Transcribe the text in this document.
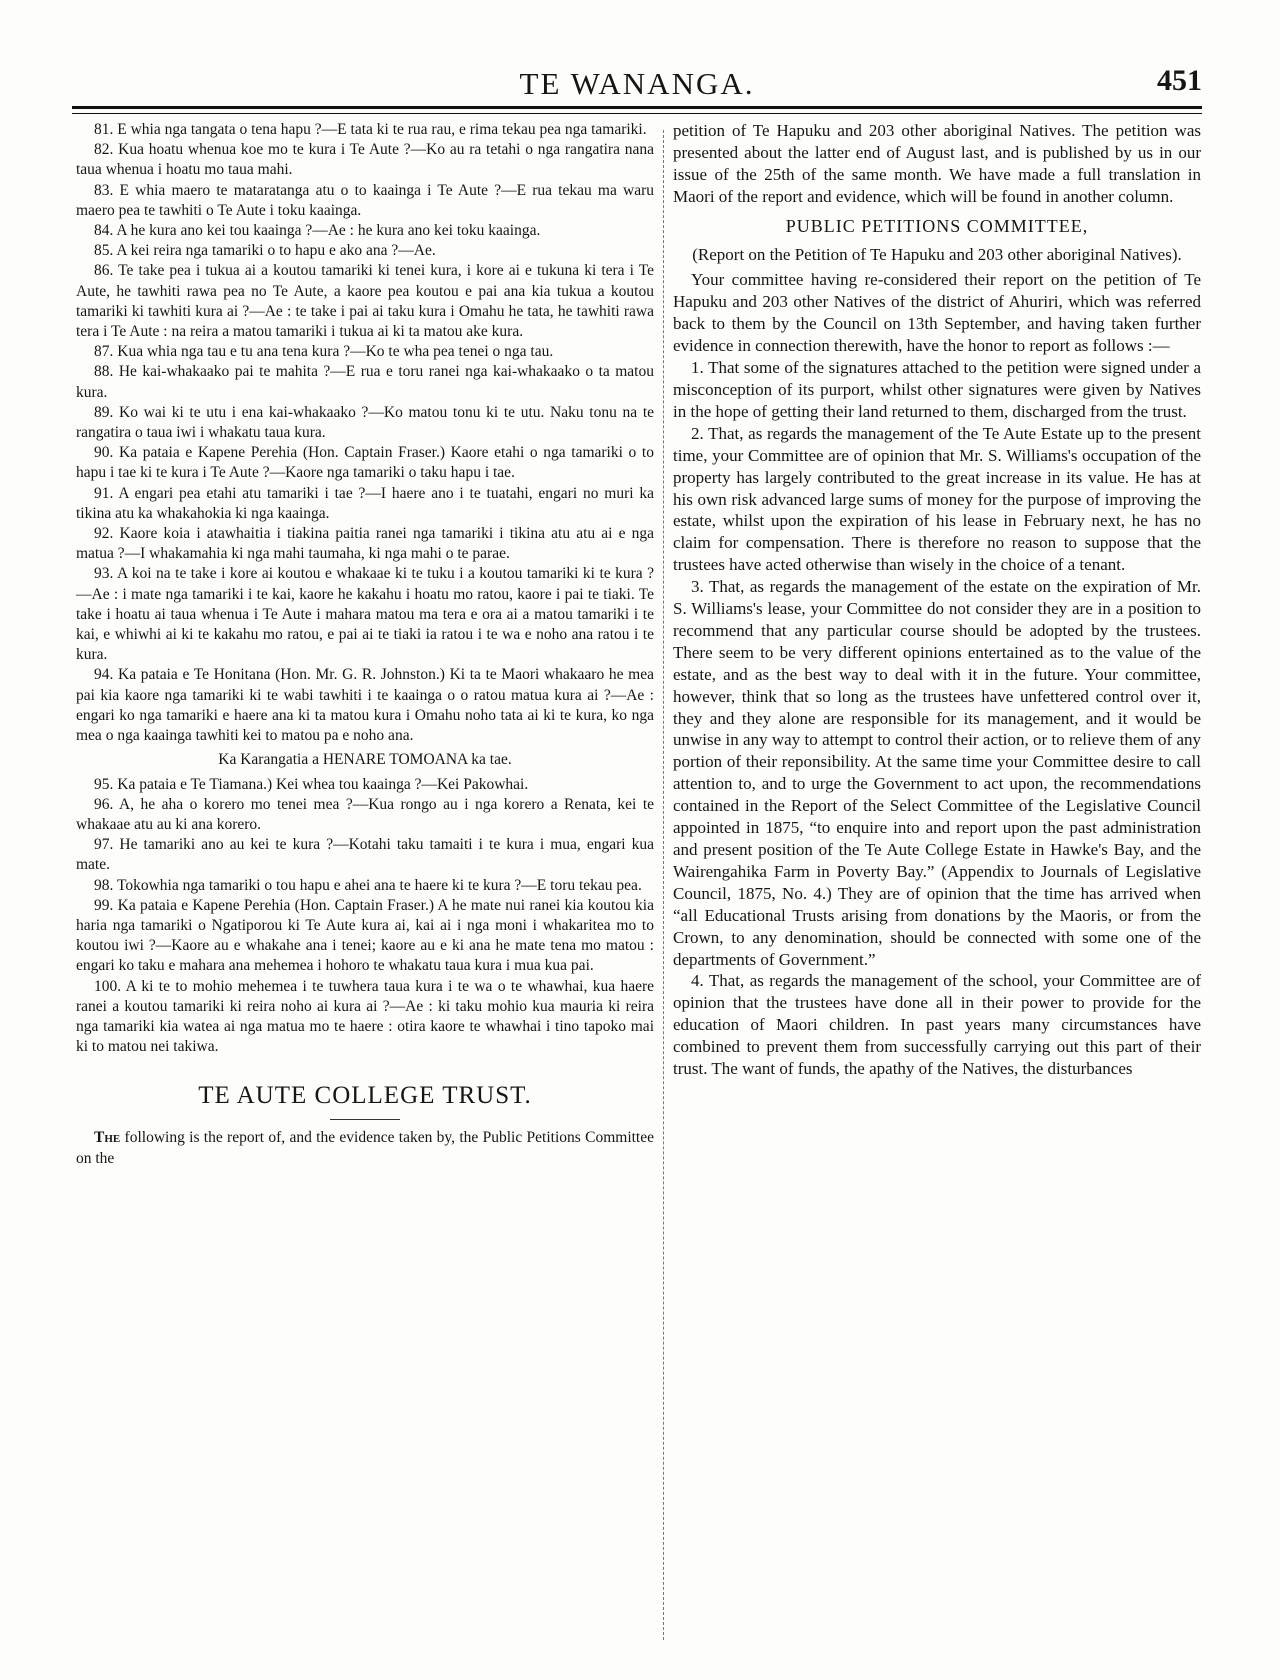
TE WANANGA.	451

81. E whia nga tangata o tena hapu ?—E tata ki te rua rau, e rima tekau pea nga tamariki.

82. Kua hoatu whenua koe mo te kura i Te Aute ?—Ko au ra tetahi o nga rangatira nana taua whenua i hoatu mo taua mahi.

83. E whia maero te mataratanga atu o to kaainga i Te Aute ?—E rua tekau ma waru maero pea te tawhiti o Te Aute i toku kaainga.

84. A he kura ano kei tou kaainga ?—Ae : he kura ano kei toku kaainga.

85. A kei reira nga tamariki o to hapu e ako ana ?—Ae.

86. Te take pea i tukua ai a koutou tamariki ki tenei kura, i kore ai e tukuna ki tera i Te Aute, he tawhiti rawa pea no Te Aute, a kaore pea koutou e pai ana kia tukua a koutou tamariki ki tawhiti kura ai ?—Ae : te take i pai ai taku kura i Omahu he tata, he tawhiti rawa tera i Te Aute : na reira a matou tamariki i tukua ai ki ta matou ake kura.

87. Kua whia nga tau e tu ana tena kura ?—Ko te wha pea tenei o nga tau.

88. He kai-whakaako pai te mahita ?—E rua e toru ranei nga kai-whakaako o ta matou kura.

89. Ko wai ki te utu i ena kai-whakaako ?—Ko matou tonu ki te utu. Naku tonu na te rangatira o taua iwi i whakatu taua kura.

90. Ka pataia e Kapene Perehia (Hon. Captain Fraser.) Kaore etahi o nga tamariki o to hapu i tae ki te kura i Te Aute ?—Kaore nga tamariki o taku hapu i tae.

91. A engari pea etahi atu tamariki i tae ?—I haere ano i te tuatahi, engari no muri ka tikina atu ka whakahokia ki nga kaainga.

92. Kaore koia i atawhaitia i tiakina paitia ranei nga tamariki i tikina atu atu ai e nga matua ?—I whakamahia ki nga mahi taumaha, ki nga mahi o te parae.

93. A koi na te take i kore ai koutou e whakaae ki te tuku i a koutou tamariki ki te kura ?—Ae : i mate nga tamariki i te kai, kaore he kakahu i hoatu mo ratou, kaore i pai te tiaki. Te take i hoatu ai taua whenua i Te Aute i mahara matou ma tera e ora ai a matou tamariki i te kai, e whiwhi ai ki te kakahu mo ratou, e pai ai te tiaki ia ratou i te wa e noho ana ratou i te kura.

94. Ka pataia e Te Honitana (Hon. Mr. G. R. Johnston.) Ki ta te Maori whakaaro he mea pai kia kaore nga tamariki ki te wabi tawhiti i te kaainga o o ratou matua kura ai ?—Ae : engari ko nga tamariki e haere ana ki ta matou kura i Omahu noho tata ai ki te kura, ko nga mea o nga kaainga tawhiti kei to matou pa e noho ana.

Ka Karangatia a HENARE TOMOANA ka tae.

95. Ka pataia e Te Tiamana.) Kei whea tou kaainga ?—Kei Pakowhai.

96. A, he aha o korero mo tenei mea ?—Kua rongo au i nga korero a Renata, kei te whakaae atu au ki ana korero.

97. He tamariki ano au kei te kura ?—Kotahi taku tamaiti i te kura i mua, engari kua mate.

98. Tokowhia nga tamariki o tou hapu e ahei ana te haere ki te kura ?—E toru tekau pea.

99. Ka pataia e Kapene Perehia (Hon. Captain Fraser.) A he mate nui ranei kia koutou kia haria nga tamariki o Ngatiporou ki Te Aute kura ai, kai ai i nga moni i whakaritea mo to koutou iwi ?—Kaore au e whakahe ana i tenei; kaore au e ki ana he mate tena mo matou : engari ko taku e mahara ana mehemea i hohoro te whakatu taua kura i mua kua pai.

100. A ki te to mohio mehemea i te tuwhera taua kura i te wa o te whawhai, kua haere ranei a koutou tamariki ki reira noho ai kura ai ?—Ae : ki taku mohio kua mauria ki reira nga tamariki kia watea ai nga matua mo te haere : otira kaore te whawhai i tino tapoko mai ki to matou nei takiwa.

TE AUTE COLLEGE TRUST.

The following is the report of, and the evidence taken by, the Public Petitions Committee on the

petition of Te Hapuku and 203 other aboriginal Natives. The petition was presented about the latter end of August last, and is published by us in our issue of the 25th of the same month. We have made a full translation in Maori of the report and evidence, which will be found in another column.

PUBLIC PETITIONS COMMITTEE,

(Report on the Petition of Te Hapuku and 203 other aboriginal Natives).

Your committee having re-considered their report on the petition of Te Hapuku and 203 other Natives of the district of Ahuriri, which was referred back to them by the Council on 13th September, and having taken further evidence in connection therewith, have the honor to report as follows :—

1. That some of the signatures attached to the petition were signed under a misconception of its purport, whilst other signatures were given by Natives in the hope of getting their land returned to them, discharged from the trust.

2. That, as regards the management of the Te Aute Estate up to the present time, your Committee are of opinion that Mr. S. Williams's occupation of the property has largely contributed to the great increase in its value. He has at his own risk advanced large sums of money for the purpose of improving the estate, whilst upon the expiration of his lease in February next, he has no claim for compensation. There is therefore no reason to suppose that the trustees have acted otherwise than wisely in the choice of a tenant.

3. That, as regards the management of the estate on the expiration of Mr. S. Williams's lease, your Committee do not consider they are in a position to recommend that any particular course should be adopted by the trustees. There seem to be very different opinions entertained as to the value of the estate, and as the best way to deal with it in the future. Your committee, however, think that so long as the trustees have unfettered control over it, they and they alone are responsible for its management, and it would be unwise in any way to attempt to control their action, or to relieve them of any portion of their reponsibility. At the same time your Committee desire to call attention to, and to urge the Government to act upon, the recommendations contained in the Report of the Select Committee of the Legislative Council appointed in 1875, “to enquire into and report upon the past administration and present position of the Te Aute College Estate in Hawke's Bay, and the Wairengahika Farm in Poverty Bay.” (Appendix to Journals of Legislative Council, 1875, No. 4.) They are of opinion that the time has arrived when “all Educational Trusts arising from donations by the Maoris, or from the Crown, to any denomination, should be connected with some one of the departments of Government.”

4. That, as regards the management of the school, your Committee are of opinion that the trustees have done all in their power to provide for the education of Maori children. In past years many circumstances have combined to prevent them from successfully carrying out this part of their trust. The want of funds, the apathy of the Natives, the disturbances
